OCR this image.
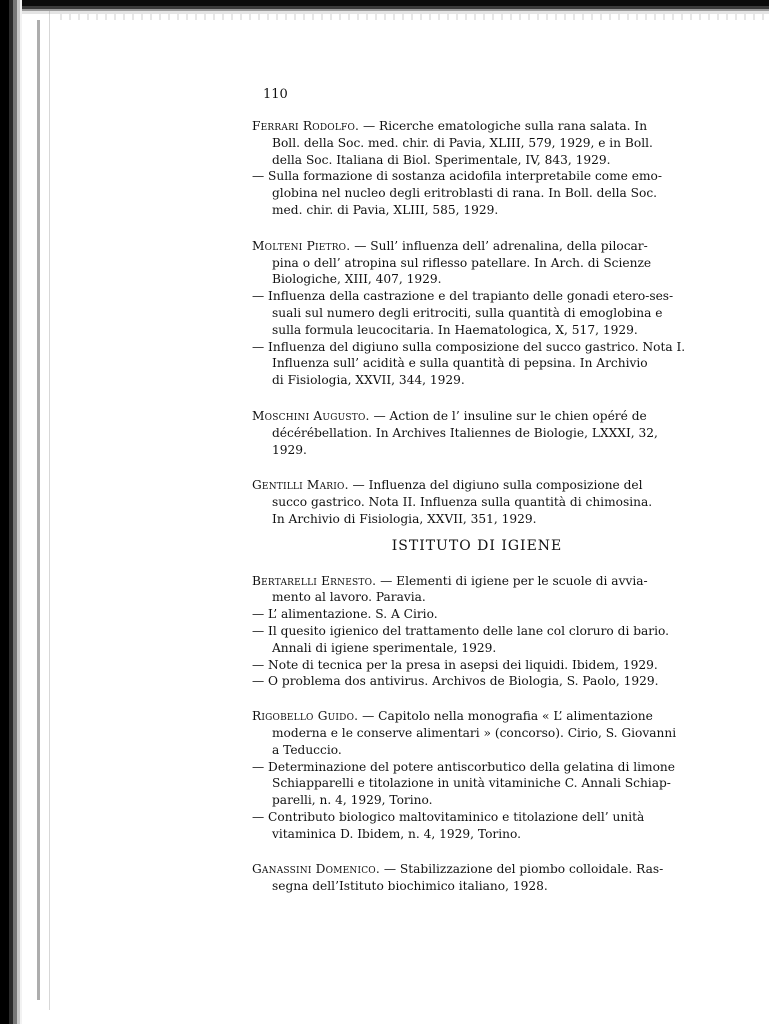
110
Ferrari Rodolfo. — Ricerche ematologiche sulla rana salata. In
Boll. della Soc. med. chir. di Pavia, XLIII, 579, 1929, e in Boll.
della Soc. Italiana di Biol. Sperimentale, IV, 843, 1929.
— Sulla formazione di sostanza acidofila interpretabile come emo-
globina nel nucleo degli eritroblasti di rana. In Boll. della Soc.
med. chir. di Pavia, XLIII, 585, 1929.
Molteni Pietro. — Sull’ influenza dell’ adrenalina, della pilocar-
pina o dell’ atropina sul riflesso patellare. In Arch. di Scienze
Biologiche, XIII, 407, 1929.
— Influenza della castrazione e del trapianto delle gonadi etero-ses-
suali sul numero degli eritrociti, sulla quantità di emoglobina e
sulla formula leucocitaria. In Haematologica, X, 517, 1929.
— Influenza del digiuno sulla composizione del succo gastrico. Nota I.
Influenza sull’ acidità e sulla quantità di pepsina. In Archivio
di Fisiologia, XXVII, 344, 1929.
Moschini Augusto. — Action de l’ insuline sur le chien opéré de
décérébellation. In Archives Italiennes de Biologie, LXXXI, 32,
1929.
Gentilli Mario. — Influenza del digiuno sulla composizione del
succo gastrico. Nota II. Influenza sulla quantità di chimosina.
In Archivio di Fisiologia, XXVII, 351, 1929.
ISTITUTO DI IGIENE
Bertarelli Ernesto. — Elementi di igiene per le scuole di avvia-
mento al lavoro. Paravia.
— L’ alimentazione. S. A Cirio.
— Il quesito igienico del trattamento delle lane col cloruro di bario.
Annali di igiene sperimentale, 1929.
— Note di tecnica per la presa in asepsi dei liquidi. Ibidem, 1929.
— O problema dos antivirus. Archivos de Biologia, S. Paolo, 1929.
Rigobello Guido. — Capitolo nella monografia « L’ alimentazione
moderna e le conserve alimentari » (concorso). Cirio, S. Giovanni
a Teduccio.
— Determinazione del potere antiscorbutico della gelatina di limone
Schiapparelli e titolazione in unità vitaminiche C. Annali Schiap-
parelli, n. 4, 1929, Torino.
— Contributo biologico maltovitaminico e titolazione dell’ unità
vitaminica D. Ibidem, n. 4, 1929, Torino.
Ganassini Domenico. — Stabilizzazione del piombo colloidale. Ras-
segna dell’Istituto biochimico italiano, 1928.
